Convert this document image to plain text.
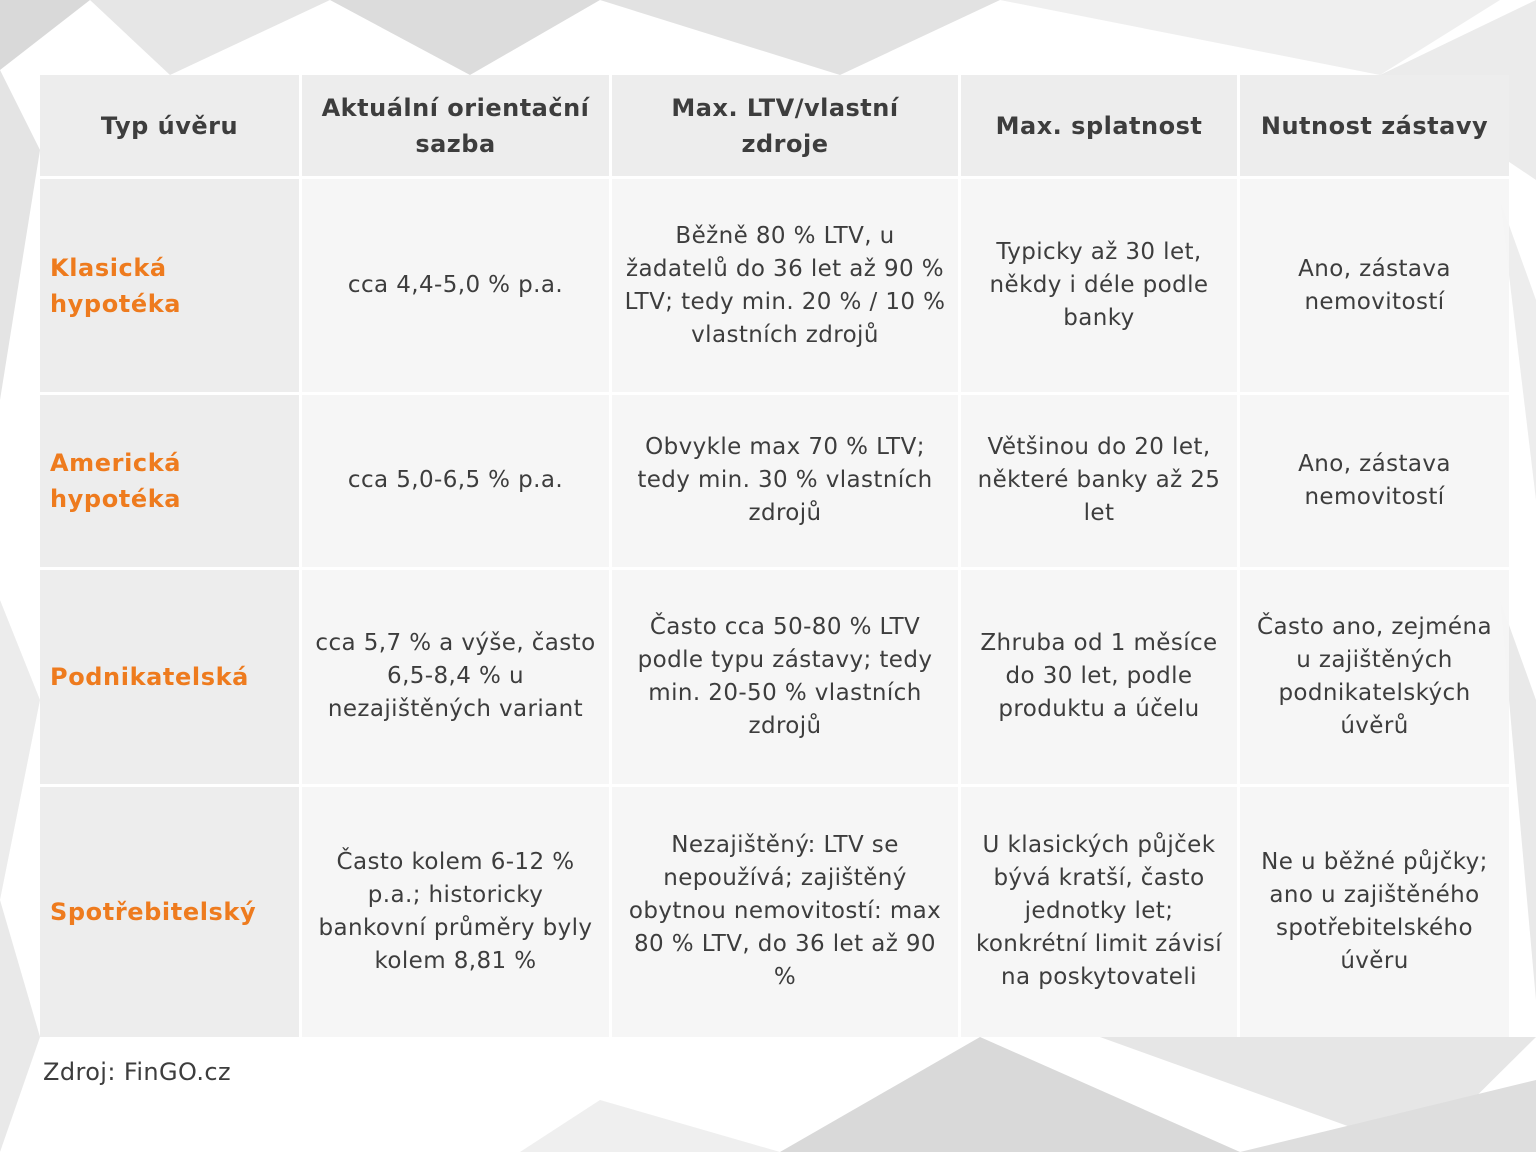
Typ úvěru	Aktuální orientační sazba	Max. LTV/vlastní zdroje	Max. splatnost	Nutnost zástavy
Klasická hypotéka	cca 4,4-5,0 % p.a.	Běžně 80 % LTV, u žadatelů do 36 let až 90 % LTV; tedy min. 20 % / 10 % vlastních zdrojů	Typicky až 30 let, někdy i déle podle banky	Ano, zástava nemovitostí
Americká hypotéka	cca 5,0-6,5 % p.a.	Obvykle max 70 % LTV; tedy min. 30 % vlastních zdrojů	Většinou do 20 let, některé banky až 25 let	Ano, zástava nemovitostí
Podnikatelská	cca 5,7 % a výše, často 6,5-8,4 % u nezajištěných variant	Často cca 50-80 % LTV podle typu zástavy; tedy min. 20-50 % vlastních zdrojů	Zhruba od 1 měsíce do 30 let, podle produktu a účelu	Často ano, zejména u zajištěných podnikatelských úvěrů
Spotřebitelský	Často kolem 6-12 % p.a.; historicky bankovní průměry byly kolem 8,81 %	Nezajištěný: LTV se nepoužívá; zajištěný obytnou nemovitostí: max 80 % LTV, do 36 let až 90 %	U klasických půjček bývá kratší, často jednotky let; konkrétní limit závisí na poskytovateli	Ne u běžné půjčky; ano u zajištěného spotřebitelského úvěru
Zdroj: FinGO.cz
